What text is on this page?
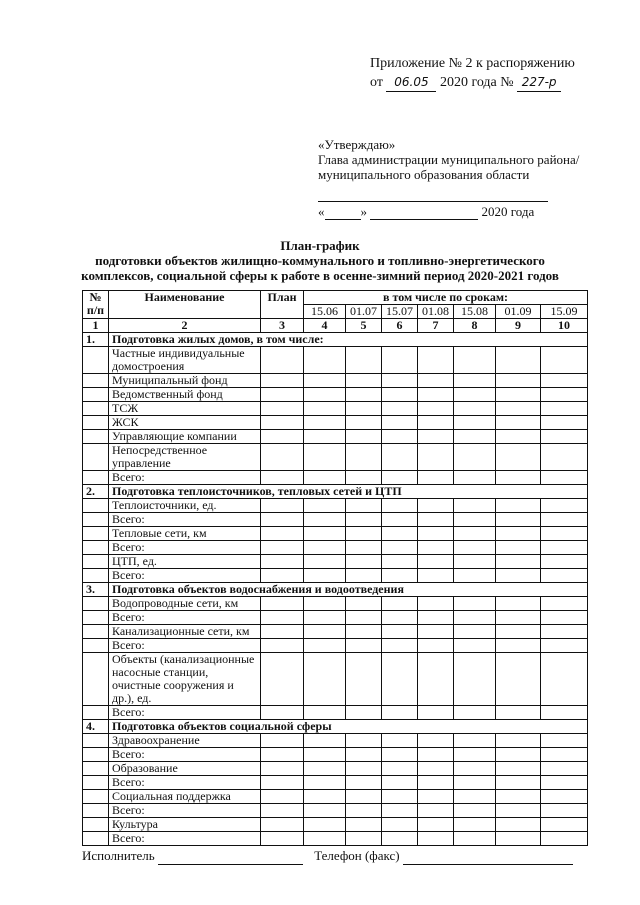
Приложение № 2 к распоряжению
от 06.05 2020 года № 227-р
«Утверждаю»
Глава администрации муниципального района/
муниципального образования области

«	»	2020 года
План-график
подготовки объектов жилищно-коммунального и топливно-энергетического
комплексов, социальной сферы к работе в осенне-зимний период 2020-2021 годов
№ п/п	Наименование	План	в том числе по срокам:						
			15.06	01.07	15.07	01.08	15.08	01.09	15.09
1	2	3	4	5	6	7	8	9	10
1.	Подготовка жилых домов, в том числе:								
	Частные индивидуальные домостроения								
	Муниципальный фонд								
	Ведомственный фонд								
	ТСЖ								
	ЖСК								
	Управляющие компании								
	Непосредственное управление								
	Всего:								
2.	Подготовка теплоисточников, тепловых сетей и ЦТП								
	Теплоисточники, ед.								
	Всего:								
	Тепловые сети, км								
	Всего:								
	ЦТП, ед.								
	Всего:								
3.	Подготовка объектов водоснабжения и водоотведения								
	Водопроводные сети, км								
	Всего:								
	Канализационные сети, км								
	Всего:								
	Объекты (канализационные насосные станции, очистные сооружения и др.), ед.								
	Всего:								
4.	Подготовка объектов социальной сферы								
	Здравоохранение								
	Всего:								
	Образование								
	Всего:								
	Социальная поддержка								
	Всего:								
	Культура								
	Всего:								
Исполнитель	Телефон (факс)
